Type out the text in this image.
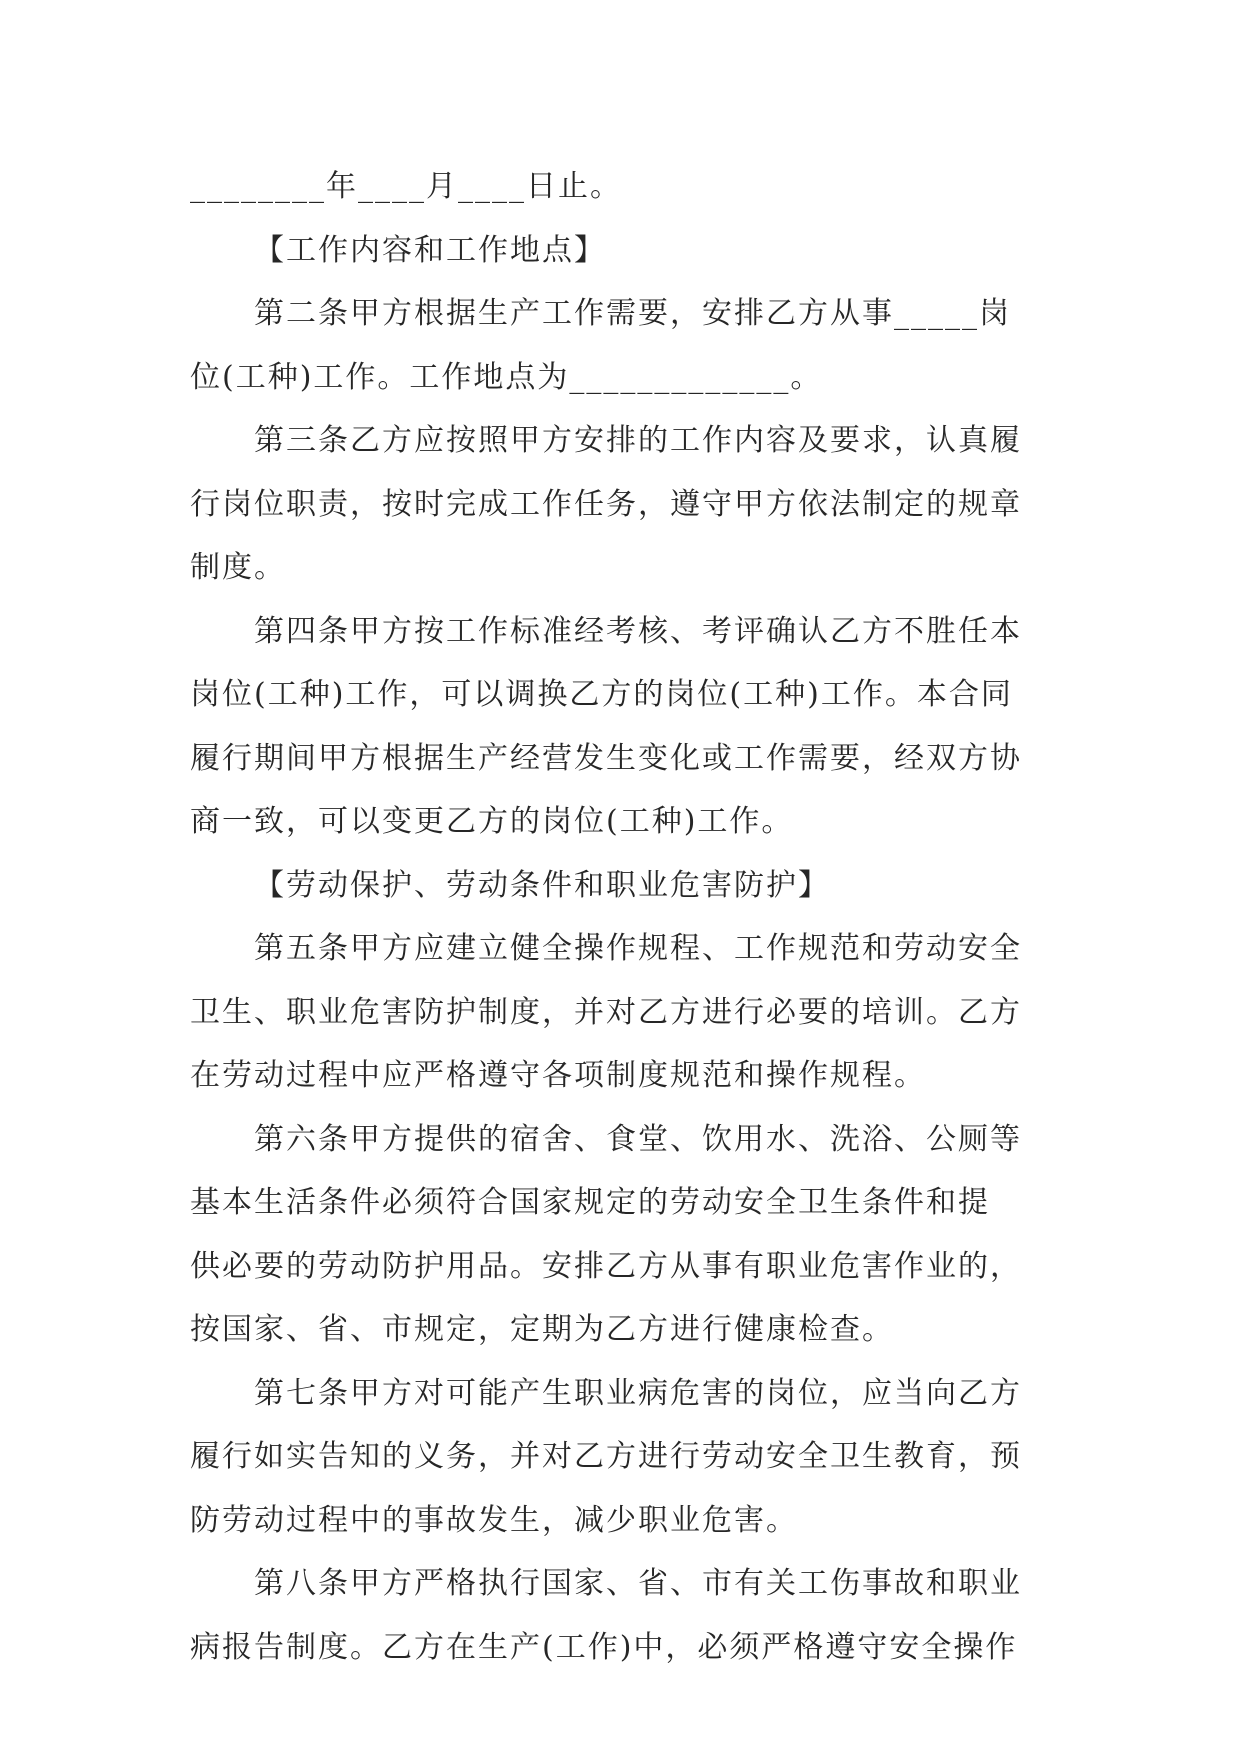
________年____月____日止。
【工作内容和工作地点】
第二条甲方根据生产工作需要，安排乙方从事_____岗
位(工种)工作。工作地点为_____________。
第三条乙方应按照甲方安排的工作内容及要求，认真履
行岗位职责，按时完成工作任务，遵守甲方依法制定的规章
制度。
第四条甲方按工作标准经考核、考评确认乙方不胜任本
岗位(工种)工作，可以调换乙方的岗位(工种)工作。本合同
履行期间甲方根据生产经营发生变化或工作需要，经双方协
商一致，可以变更乙方的岗位(工种)工作。
【劳动保护、劳动条件和职业危害防护】
第五条甲方应建立健全操作规程、工作规范和劳动安全
卫生、职业危害防护制度，并对乙方进行必要的培训。乙方
在劳动过程中应严格遵守各项制度规范和操作规程。
第六条甲方提供的宿舍、食堂、饮用水、洗浴、公厕等
基本生活条件必须符合国家规定的劳动安全卫生条件和提
供必要的劳动防护用品。安排乙方从事有职业危害作业的，
按国家、省、市规定，定期为乙方进行健康检查。
第七条甲方对可能产生职业病危害的岗位，应当向乙方
履行如实告知的义务，并对乙方进行劳动安全卫生教育，预
防劳动过程中的事故发生，减少职业危害。
第八条甲方严格执行国家、省、市有关工伤事故和职业
病报告制度。乙方在生产(工作)中，必须严格遵守安全操作
